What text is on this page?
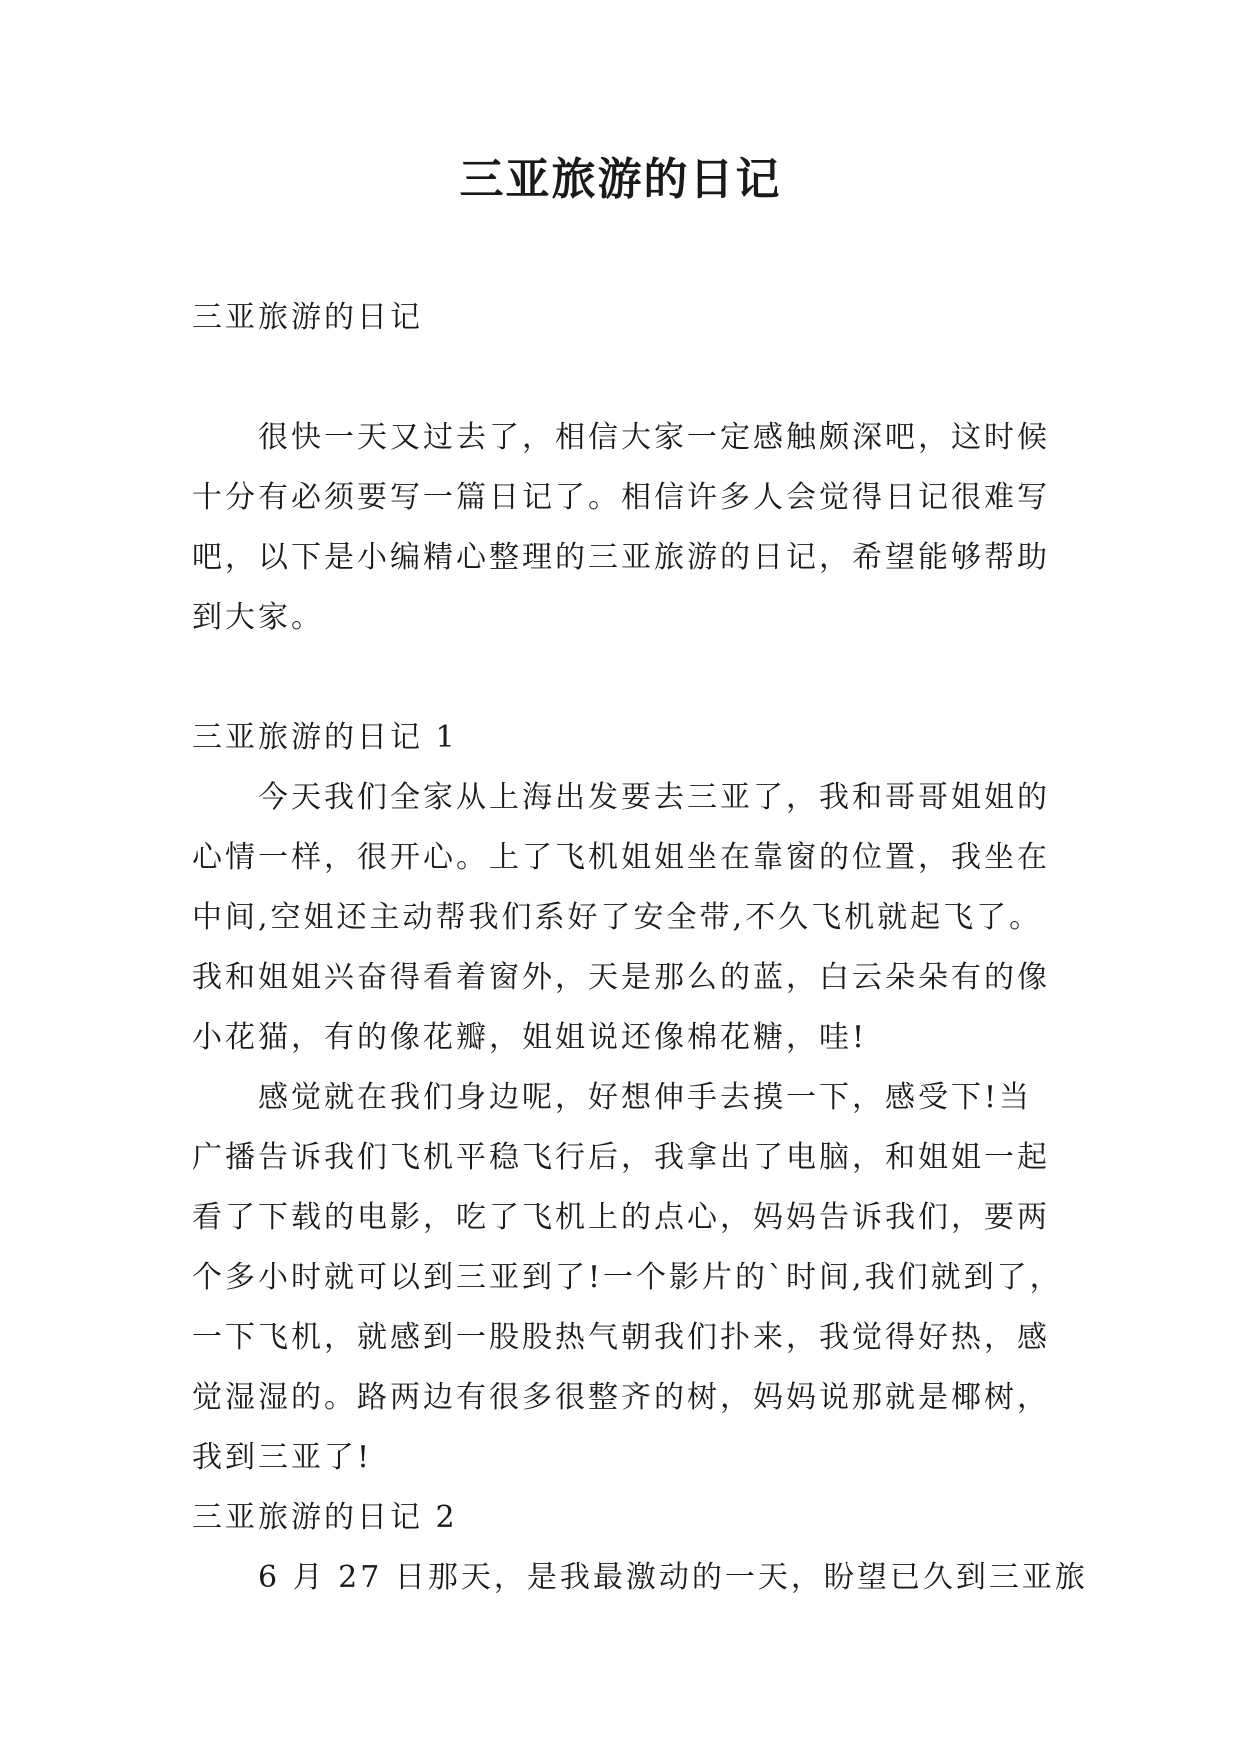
三亚旅游的日记

三亚旅游的日记

很快一天又过去了，相信大家一定感触颇深吧，这时候

十分有必须要写一篇日记了。相信许多人会觉得日记很难写

吧，以下是小编精心整理的三亚旅游的日记，希望能够帮助

到大家。

三亚旅游的日记 1

今天我们全家从上海出发要去三亚了，我和哥哥姐姐的

心情一样，很开心。上了飞机姐姐坐在靠窗的位置，我坐在

中间,空姐还主动帮我们系好了安全带,不久飞机就起飞了。

我和姐姐兴奋得看着窗外，天是那么的蓝，白云朵朵有的像

小花猫，有的像花瓣，姐姐说还像棉花糖，哇!

感觉就在我们身边呢，好想伸手去摸一下，感受下!当

广播告诉我们飞机平稳飞行后，我拿出了电脑，和姐姐一起

看了下载的电影，吃了飞机上的点心，妈妈告诉我们，要两

个多小时就可以到三亚到了!一个影片的`时间,我们就到了，

一下飞机，就感到一股股热气朝我们扑来，我觉得好热，感

觉湿湿的。路两边有很多很整齐的树，妈妈说那就是椰树，

我到三亚了!

三亚旅游的日记 2

6 月 27 日那天，是我最激动的一天，盼望已久到三亚旅
